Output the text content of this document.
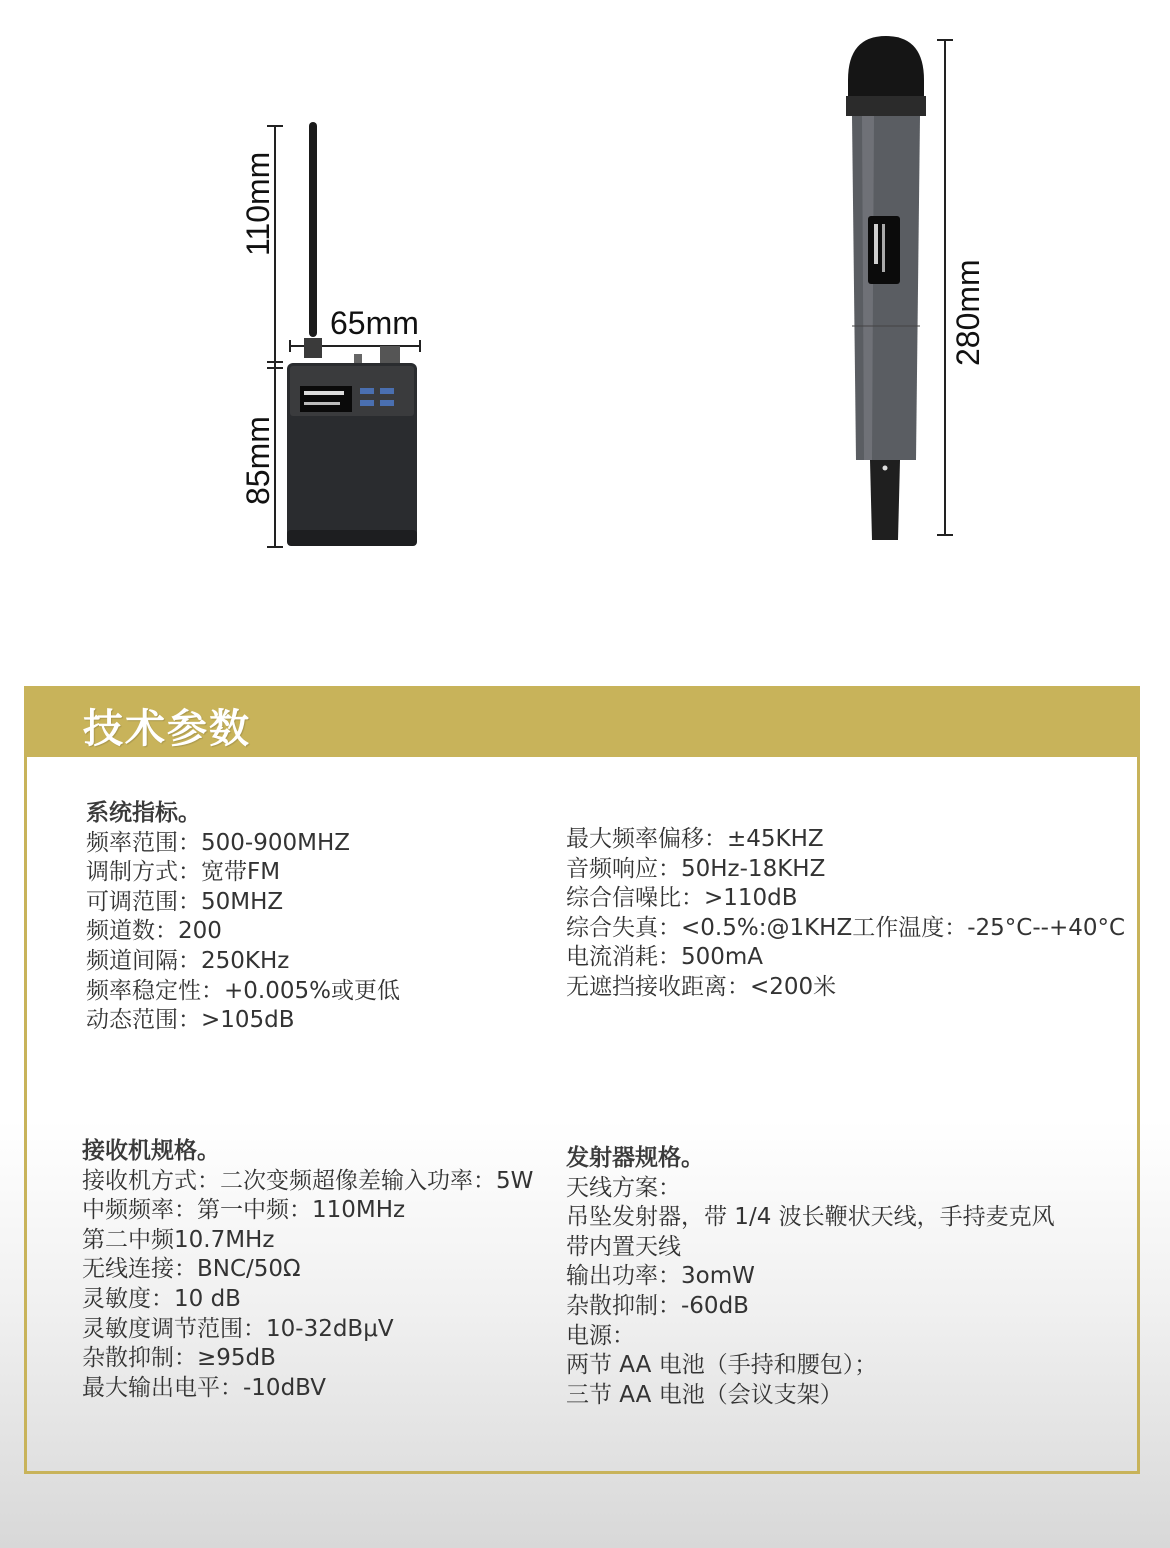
110mm
65mm
85mm
280mm
技术参数
系统指标。
频率范围：500-900MHZ
调制方式：宽带FM
可调范围：50MHZ
频道数：200
频道间隔：250KHz
频率稳定性：+0.005%或更低
动态范围：>105dB
最大频率偏移：±45KHZ
音频响应：50Hz-18KHZ
综合信噪比：>110dB
综合失真：<0.5%:@1KHZ工作温度：-25°C--+40°C
电流消耗：500mA
无遮挡接收距离：<200米
接收机规格。
接收机方式：二次变频超像差输入功率：5W
中频频率：第一中频：110MHz
第二中频10.7MHz
无线连接：BNC/50Ω
灵敏度：10 dB
灵敏度调节范围：10-32dBμV
杂散抑制：≥95dB
最大输出电平：-10dBV
发射器规格。
天线方案：
吊坠发射器，带 1/4 波长鞭状天线，手持麦克风
带内置天线
输出功率：3omW
杂散抑制：-60dB
电源：
两节 AA 电池（手持和腰包）；
三节 AA 电池（会议支架）
